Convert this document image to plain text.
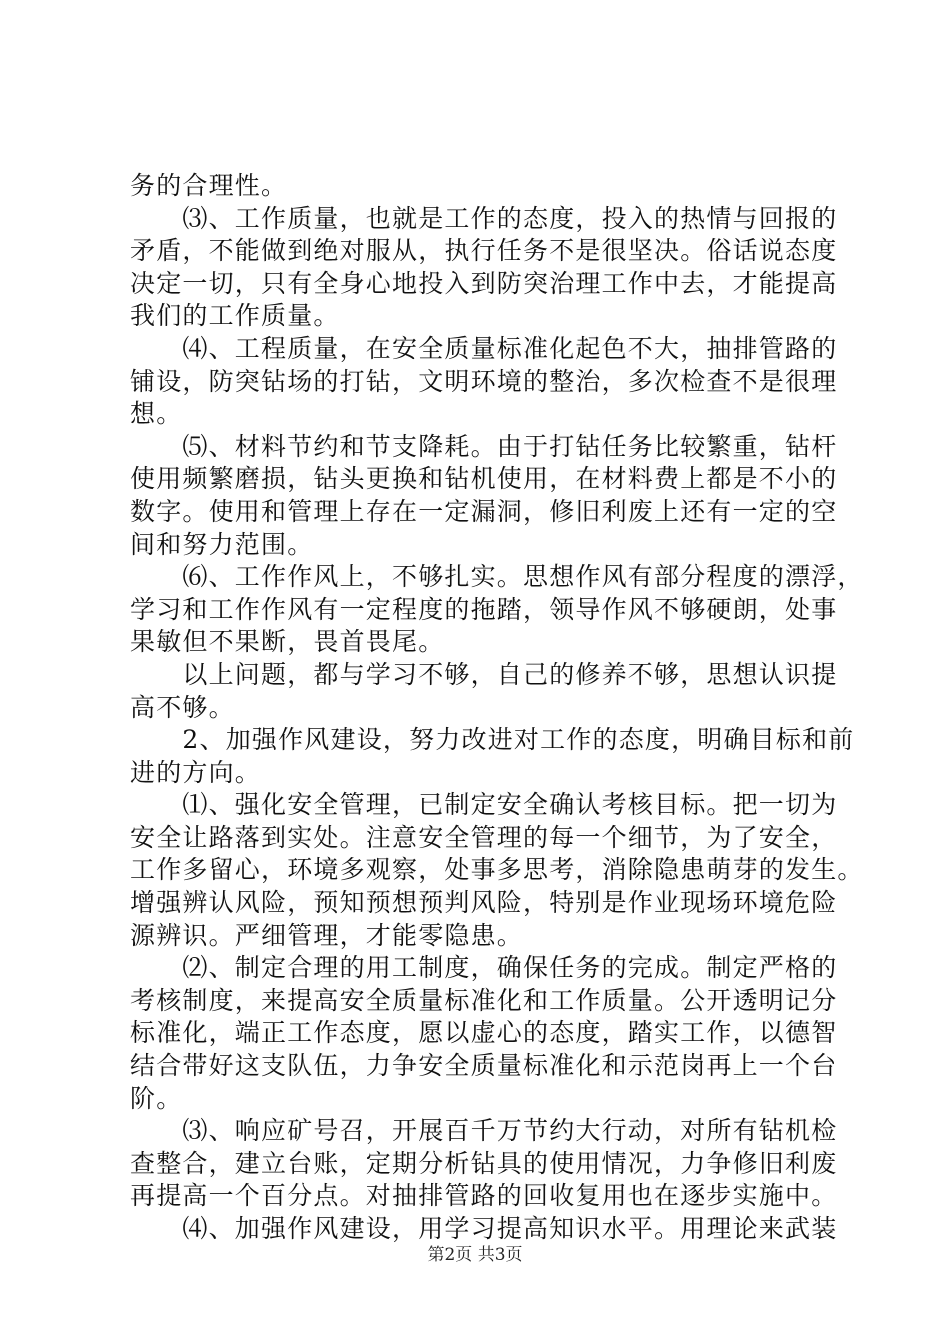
务的合理性。
　　⑶、工作质量，也就是工作的态度，投入的热情与回报的
矛盾，不能做到绝对服从，执行任务不是很坚决。俗话说态度
决定一切，只有全身心地投入到防突治理工作中去，才能提高
我们的工作质量。
　　⑷、工程质量，在安全质量标准化起色不大，抽排管路的
铺设，防突钻场的打钻，文明环境的整治，多次检查不是很理
想。
　　⑸、材料节约和节支降耗。由于打钻任务比较繁重，钻杆
使用频繁磨损，钻头更换和钻机使用，在材料费上都是不小的
数字。使用和管理上存在一定漏洞，修旧利废上还有一定的空
间和努力范围。
　　⑹、工作作风上，不够扎实。思想作风有部分程度的漂浮，
学习和工作作风有一定程度的拖踏，领导作风不够硬朗，处事
果敏但不果断，畏首畏尾。
　　以上问题，都与学习不够，自己的修养不够，思想认识提
高不够。
　　2、加强作风建设，努力改进对工作的态度，明确目标和前
进的方向。
　　⑴、强化安全管理，已制定安全确认考核目标。把一切为
安全让路落到实处。注意安全管理的每一个细节，为了安全，
工作多留心，环境多观察，处事多思考，消除隐患萌芽的发生。
增强辨认风险，预知预想预判风险，特别是作业现场环境危险
源辨识。严细管理，才能零隐患。
　　⑵、制定合理的用工制度，确保任务的完成。制定严格的
考核制度，来提高安全质量标准化和工作质量。公开透明记分
标准化，端正工作态度，愿以虚心的态度，踏实工作，以德智
结合带好这支队伍，力争安全质量标准化和示范岗再上一个台
阶。
　　⑶、响应矿号召，开展百千万节约大行动，对所有钻机检
查整合，建立台账，定期分析钻具的使用情况，力争修旧利废
再提高一个百分点。对抽排管路的回收复用也在逐步实施中。
　　⑷、加强作风建设，用学习提高知识水平。用理论来武装
第2页 共3页
